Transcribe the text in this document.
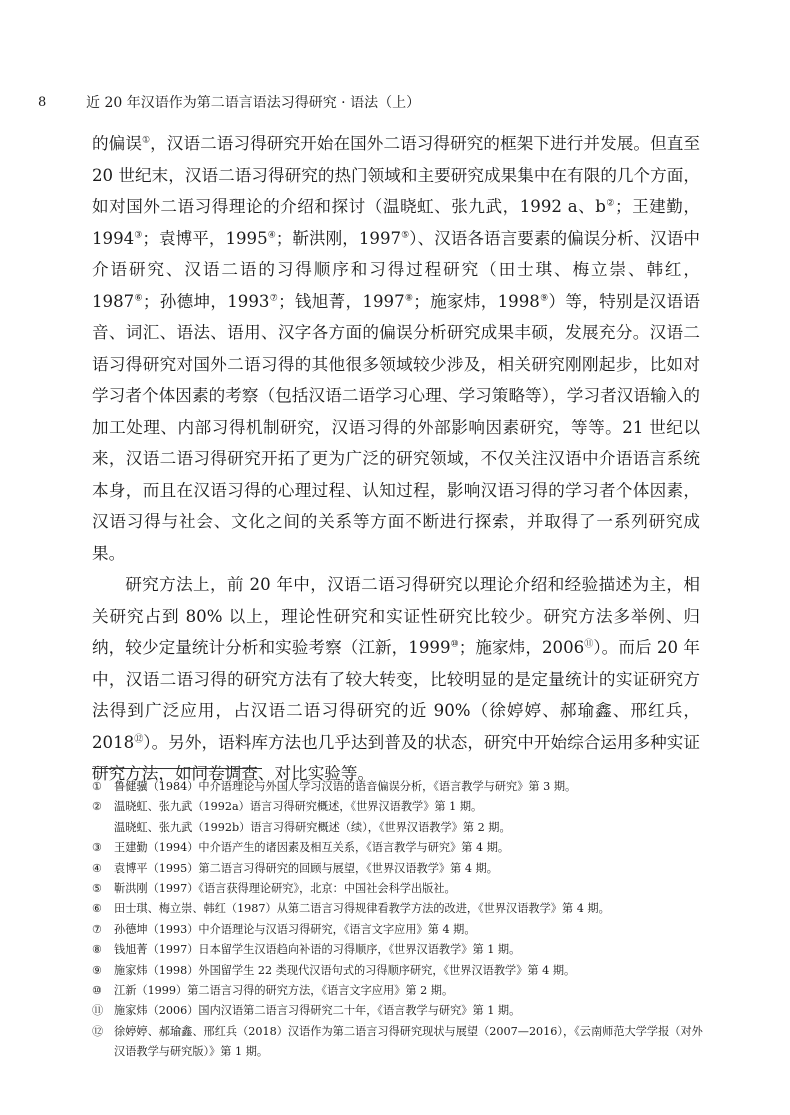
8	近 20 年汉语作为第二语言语法习得研究 · 语法（上）

的偏误①，汉语二语习得研究开始在国外二语习得研究的框架下进行并发展。但直至 20 世纪末，汉语二语习得研究的热门领域和主要研究成果集中在有限的几个方面，如对国外二语习得理论的介绍和探讨（温晓虹、张九武，1992 a、b②；王建勤，1994③；袁博平，1995④；靳洪刚，1997⑤）、汉语各语言要素的偏误分析、汉语中介语研究、汉语二语的习得顺序和习得过程研究（田士琪、梅立崇、韩红，1987⑥；孙德坤，1993⑦；钱旭菁，1997⑧；施家炜，1998⑨）等，特别是汉语语音、词汇、语法、语用、汉字各方面的偏误分析研究成果丰硕，发展充分。汉语二语习得研究对国外二语习得的其他很多领域较少涉及，相关研究刚刚起步，比如对学习者个体因素的考察（包括汉语二语学习心理、学习策略等），学习者汉语输入的加工处理、内部习得机制研究，汉语习得的外部影响因素研究，等等。21 世纪以来，汉语二语习得研究开拓了更为广泛的研究领域，不仅关注汉语中介语语言系统本身，而且在汉语习得的心理过程、认知过程，影响汉语习得的学习者个体因素，汉语习得与社会、文化之间的关系等方面不断进行探索，并取得了一系列研究成果。

研究方法上，前 20 年中，汉语二语习得研究以理论介绍和经验描述为主，相关研究占到 80% 以上，理论性研究和实证性研究比较少。研究方法多举例、归纳，较少定量统计分析和实验考察（江新，1999⑩；施家炜，2006⑪）。而后 20 年中，汉语二语习得的研究方法有了较大转变，比较明显的是定量统计的实证研究方法得到广泛应用，占汉语二语习得研究的近 90%（徐婷婷、郝瑜鑫、邢红兵，2018⑫）。另外，语料库方法也几乎达到普及的状态，研究中开始综合运用多种实证研究方法，如问卷调查、对比实验等。

①	鲁健骥（1984）中介语理论与外国人学习汉语的语音偏误分析，《语言教学与研究》第 3 期。
②	温晓虹、张九武（1992a）语言习得研究概述，《世界汉语教学》第 1 期。
温晓虹、张九武（1992b）语言习得研究概述（续），《世界汉语教学》第 2 期。
③	王建勤（1994）中介语产生的诸因素及相互关系，《语言教学与研究》第 4 期。
④	袁博平（1995）第二语言习得研究的回顾与展望，《世界汉语教学》第 4 期。
⑤	靳洪刚（1997）《语言获得理论研究》，北京：中国社会科学出版社。
⑥	田士琪、梅立崇、韩红（1987）从第二语言习得规律看教学方法的改进，《世界汉语教学》第 4 期。
⑦	孙德坤（1993）中介语理论与汉语习得研究，《语言文字应用》第 4 期。
⑧	钱旭菁（1997）日本留学生汉语趋向补语的习得顺序，《世界汉语教学》第 1 期。
⑨	施家炜（1998）外国留学生 22 类现代汉语句式的习得顺序研究，《世界汉语教学》第 4 期。
⑩	江新（1999）第二语言习得的研究方法，《语言文字应用》第 2 期。
⑪ 施家炜（2006）国内汉语第二语言习得研究二十年，《语言教学与研究》第 1 期。
⑫ 徐婷婷、郝瑜鑫、邢红兵（2018）汉语作为第二语言习得研究现状与展望（2007—2016），《云南师范大学学报（对外汉语教学与研究版）》第 1 期。
